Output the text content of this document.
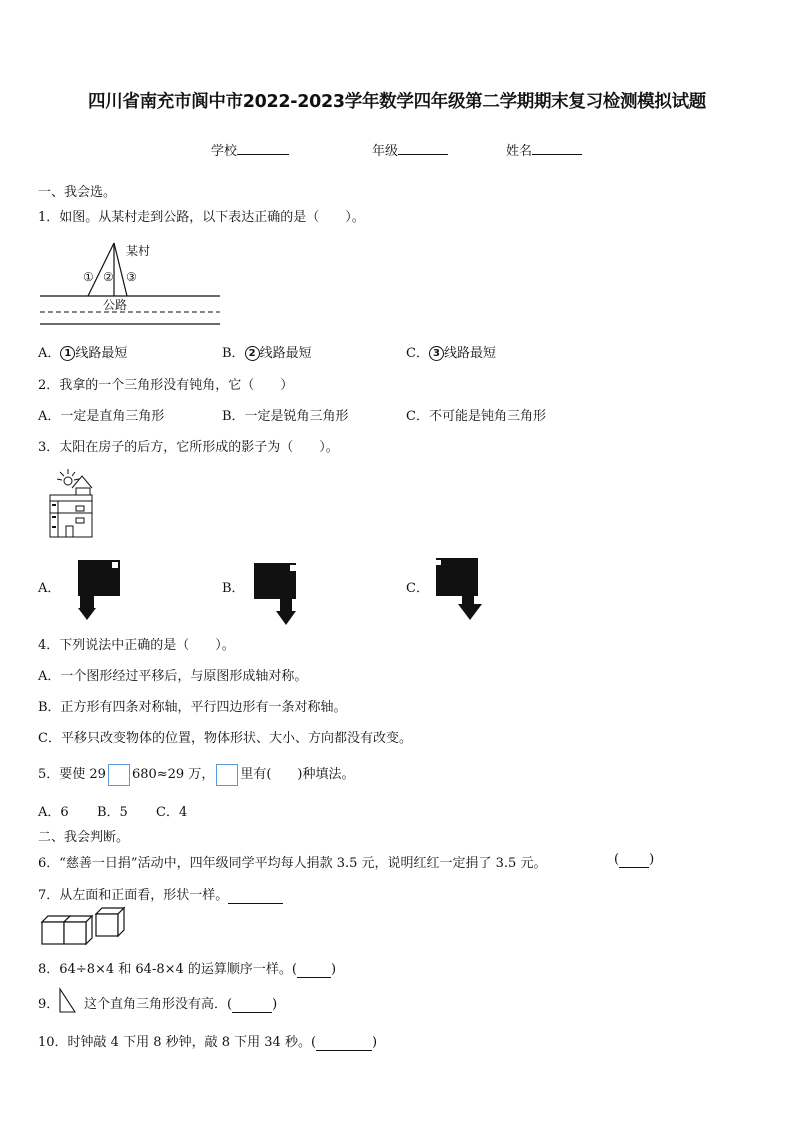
四川省南充市阆中市2022-2023学年数学四年级第二学期期末复习检测模拟试题
学校	年级	姓名
一、我会选。
1．如图。从某村走到公路，以下表达正确的是（　　）。
某村
公路
① ② ③
A． 1 线路最短	B． 2 线路最短	C． 3 线路最短
2．我拿的一个三角形没有钝角，它（　　）
A．一定是直角三角形	B．一定是锐角三角形	C．不可能是钝角三角形
3．太阳在房子的后方，它所形成的影子为（　　）。
A．	B．	C．
4．下列说法中正确的是（　　）。
A．一个图形经过平移后，与原图形成轴对称。
B．正方形有四条对称轴，平行四边形有一条对称轴。
C．平移只改变物体的位置，物体形状、大小、方向都没有改变。
5．要使 29 680≈29 万， 里有(　　)种填法。
A．6 B．5 C．4
二、我会判断。
6．“慈善一日捐”活动中，四年级同学平均每人捐款 3.5 元，说明红红一定捐了 3.5 元。	( )
7．从左面和正面看，形状一样。
8．64÷8×4 和 64-8×4 的运算顺序一样。(	)
9． 这个直角三角形没有高．(	)
10．时钟敲 4 下用 8 秒钟，敲 8 下用 34 秒。(	)
